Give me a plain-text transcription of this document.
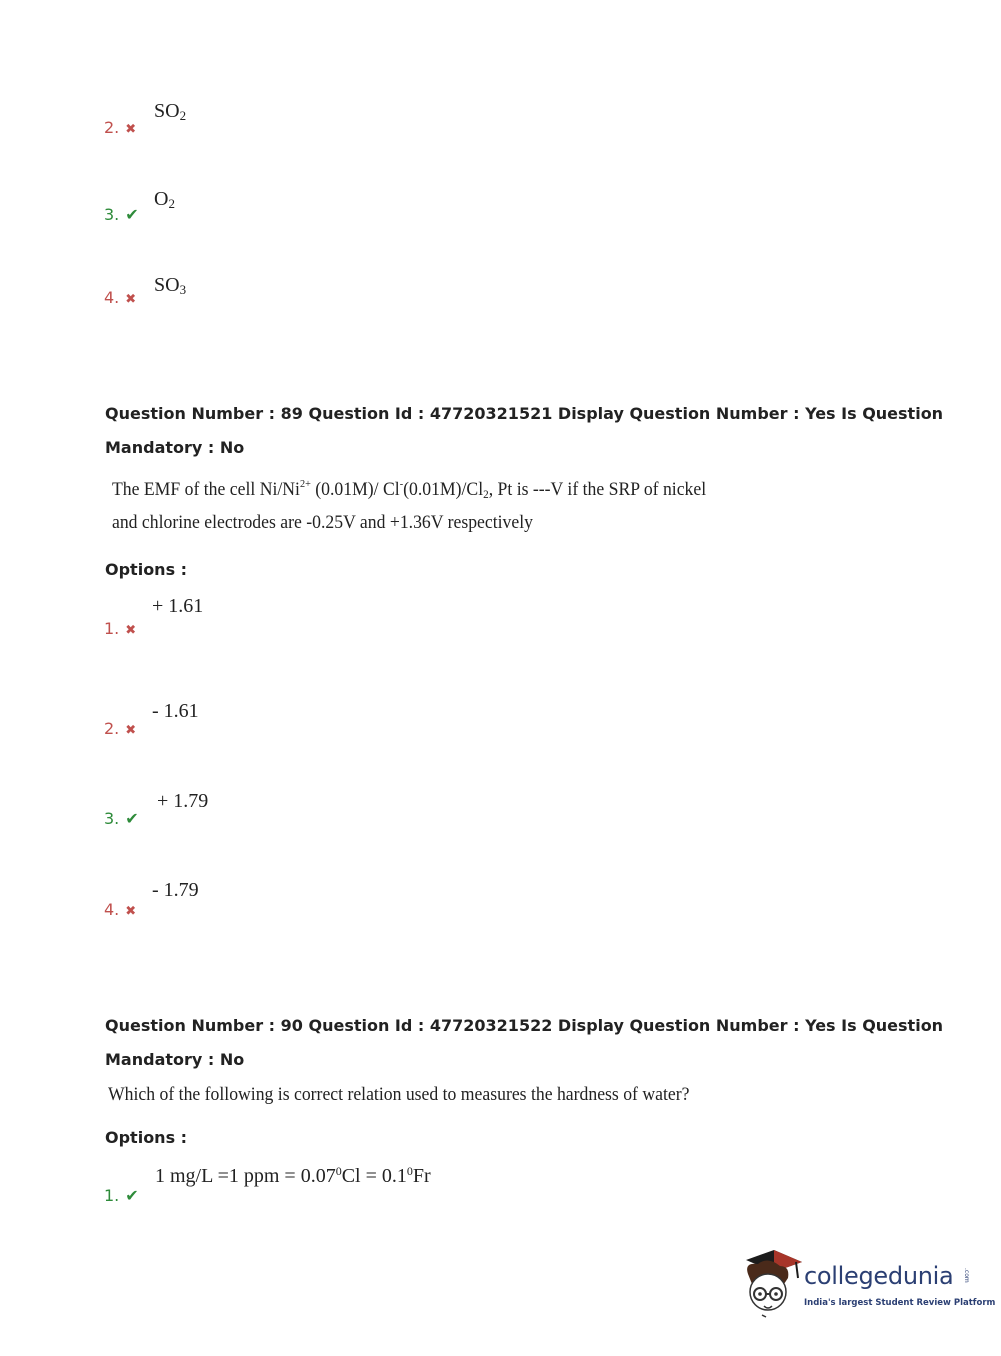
2. ✖
$SO_2$
3. ✔
$O_2$
4. ✖
$SO_3$
Question Number : 89 Question Id : 47720321521 Display Question Number : Yes Is Question
Mandatory : No
The EMF of the cell $Ni/Ni^{2+}$ (0.01M)/ $Cl^-(0.01M)/Cl_2$, Pt is ---V if the SRP of nickel
and chlorine electrodes are -0.25V and +1.36V respectively
Options :
1. ✖
+ 1.61
2. ✖
- 1.61
3. ✔
+ 1.79
4. ✖
- 1.79
Question Number : 90 Question Id : 47720321522 Display Question Number : Yes Is Question
Mandatory : No
Which of the following is correct relation used to measures the hardness of water?
Options :
1. ✔
1 mg/L =1 ppm = $0.07^0Cl = 0.1^0Fr$
collegedunia .com
India's largest Student Review Platform
